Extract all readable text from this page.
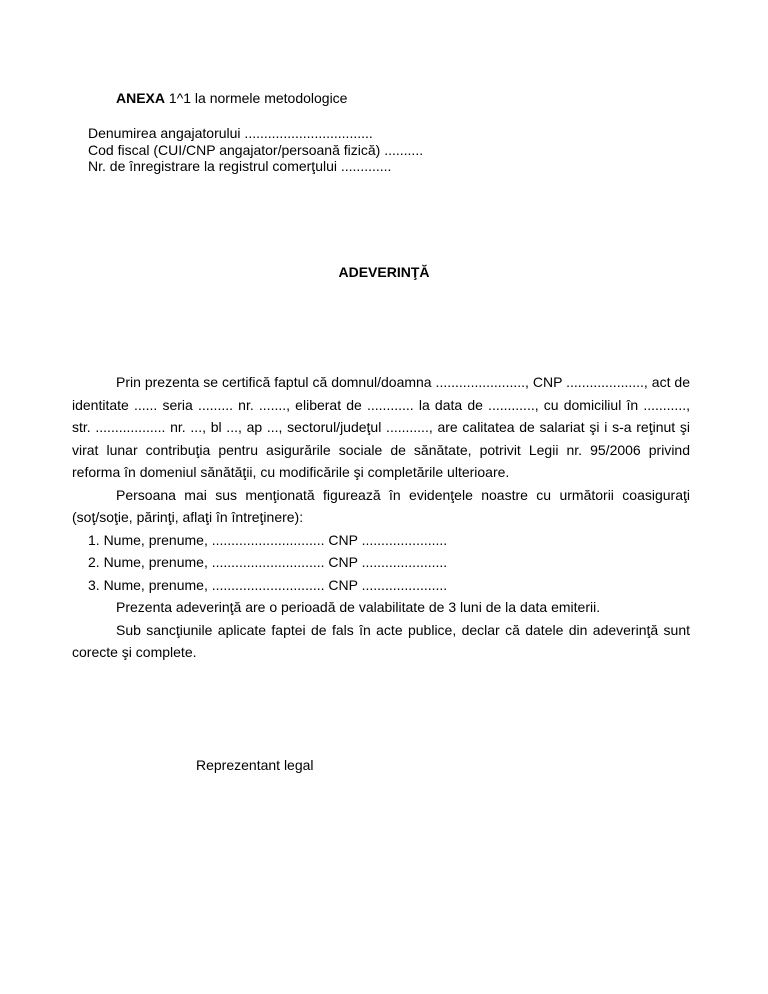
ANEXA 1^1 la normele metodologice
Denumirea angajatorului .................................
Cod fiscal (CUI/CNP angajator/persoană fizică) ..........
Nr. de înregistrare la registrul comerţului .............
ADEVERINŢĂ

Prin prezenta se certifică faptul că domnul/doamna ......................., CNP ...................., act de identitate ...... seria ......... nr. ......., eliberat de ............ la data de ............, cu domiciliul în ..........., str. .................. nr. ..., bl ..., ap ..., sectorul/judeţul ..........., are calitatea de salariat şi i s-a reţinut şi virat lunar contribuţia pentru asigurările sociale de sănătate, potrivit Legii nr. 95/2006 privind reforma în domeniul sănătăţii, cu modificările şi completările ulterioare.

Persoana mai sus menţionată figurează în evidenţele noastre cu următorii coasiguraţi (soţ/soţie, părinţi, aflaţi în întreţinere):

1. Nume, prenume, ............................. CNP ......................

2. Nume, prenume, ............................. CNP ......................

3. Nume, prenume, ............................. CNP ......................

Prezenta adeverinţă are o perioadă de valabilitate de 3 luni de la data emiterii.

Sub sancţiunile aplicate faptei de fals în acte publice, declar că datele din adeverinţă sunt corecte şi complete.

Reprezentant legal
